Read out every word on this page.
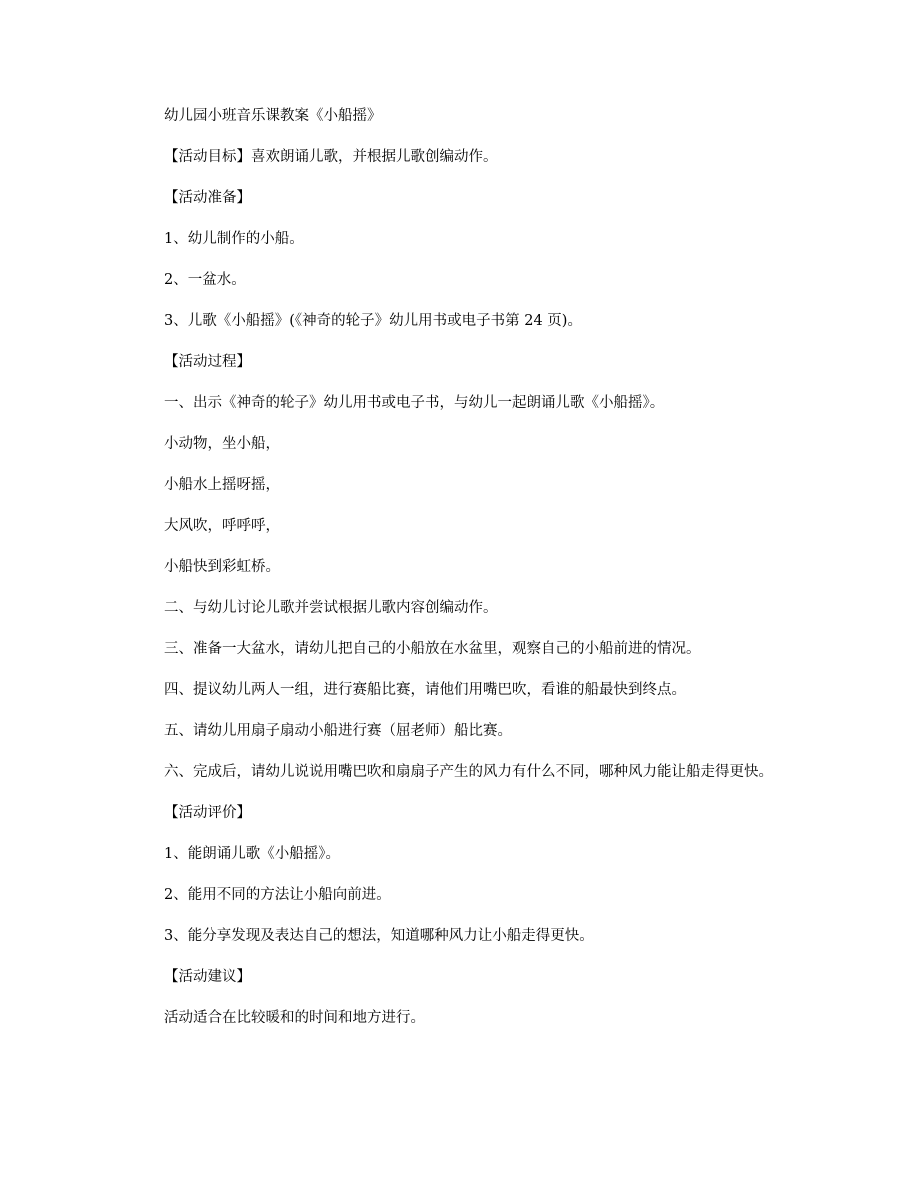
幼儿园小班音乐课教案《小船摇》

【活动目标】喜欢朗诵儿歌，并根据儿歌创编动作。

【活动准备】

1、幼儿制作的小船。

2、一盆水。

3、儿歌《小船摇》(《神奇的轮子》幼儿用书或电子书第 24 页)。

【活动过程】

一、出示《神奇的轮子》幼儿用书或电子书，与幼儿一起朗诵儿歌《小船摇》。

小动物，坐小船，

小船水上摇呀摇，

大风吹，呼呼呼，

小船快到彩虹桥。

二、与幼儿讨论儿歌并尝试根据儿歌内容创编动作。

三、准备一大盆水，请幼儿把自己的小船放在水盆里，观察自己的小船前进的情况。

四、提议幼儿两人一组，进行赛船比赛，请他们用嘴巴吹，看谁的船最快到终点。

五、请幼儿用扇子扇动小船进行赛（屈老师）船比赛。

六、完成后，请幼儿说说用嘴巴吹和扇扇子产生的风力有什么不同，哪种风力能让船走得更快。

【活动评价】

1、能朗诵儿歌《小船摇》。

2、能用不同的方法让小船向前进。

3、能分享发现及表达自己的想法，知道哪种风力让小船走得更快。

【活动建议】

活动适合在比较暖和的时间和地方进行。
